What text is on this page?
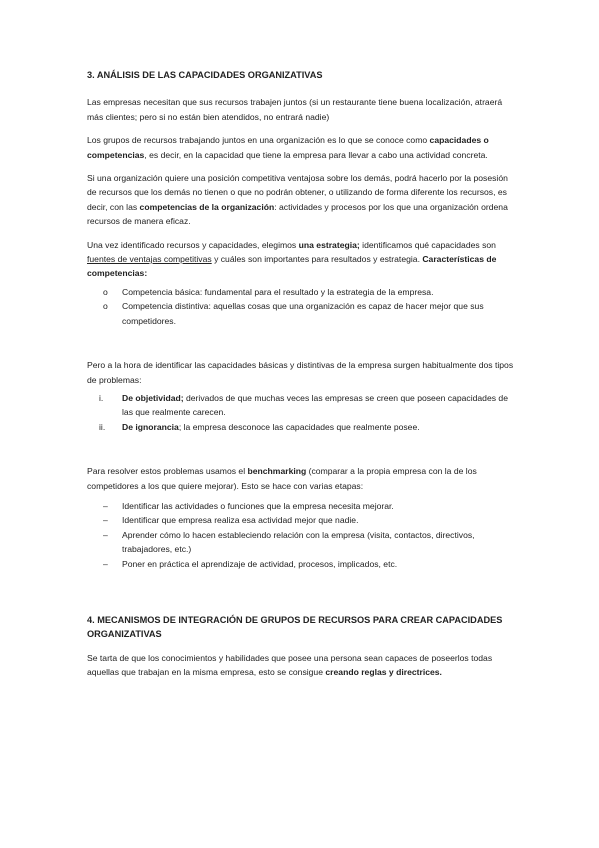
3. ANÁLISIS DE LAS CAPACIDADES ORGANIZATIVAS

Las empresas necesitan que sus recursos trabajen juntos (si un restaurante tiene buena localización, atraerá más clientes; pero si no están bien atendidos, no entrará nadie)

Los grupos de recursos trabajando juntos en una organización es lo que se conoce como capacidades o competencias, es decir, en la capacidad que tiene la empresa para llevar a cabo una actividad concreta.

Si una organización quiere una posición competitiva ventajosa sobre los demás, podrá hacerlo por la posesión de recursos que los demás no tienen o que no podrán obtener, o utilizando de forma diferente los recursos, es decir, con las competencias de la organización: actividades y procesos por los que una organización ordena recursos de manera eficaz.

Una vez identificado recursos y capacidades, elegimos una estrategia; identificamos qué capacidades son fuentes de ventajas competitivas y cuáles son importantes para resultados y estrategia. Características de competencias:

o Competencia básica: fundamental para el resultado y la estrategia de la empresa.
o Competencia distintiva: aquellas cosas que una organización es capaz de hacer mejor que sus competidores.

Pero a la hora de identificar las capacidades básicas y distintivas de la empresa surgen habitualmente dos tipos de problemas:

i. De objetividad; derivados de que muchas veces las empresas se creen que poseen capacidades de las que realmente carecen.
ii. De ignorancia; la empresa desconoce las capacidades que realmente posee.

Para resolver estos problemas usamos el benchmarking (comparar a la propia empresa con la de los competidores a los que quiere mejorar). Esto se hace con varias etapas:

– Identificar las actividades o funciones que la empresa necesita mejorar.
– Identificar que empresa realiza esa actividad mejor que nadie.
– Aprender cómo lo hacen estableciendo relación con la empresa (visita, contactos, directivos, trabajadores, etc.)
– Poner en práctica el aprendizaje de actividad, procesos, implicados, etc.
4. MECANISMOS DE INTEGRACIÓN DE GRUPOS DE RECURSOS PARA CREAR CAPACIDADES ORGANIZATIVAS

Se tarta de que los conocimientos y habilidades que posee una persona sean capaces de poseerlos todas aquellas que trabajan en la misma empresa, esto se consigue creando reglas y directrices.
